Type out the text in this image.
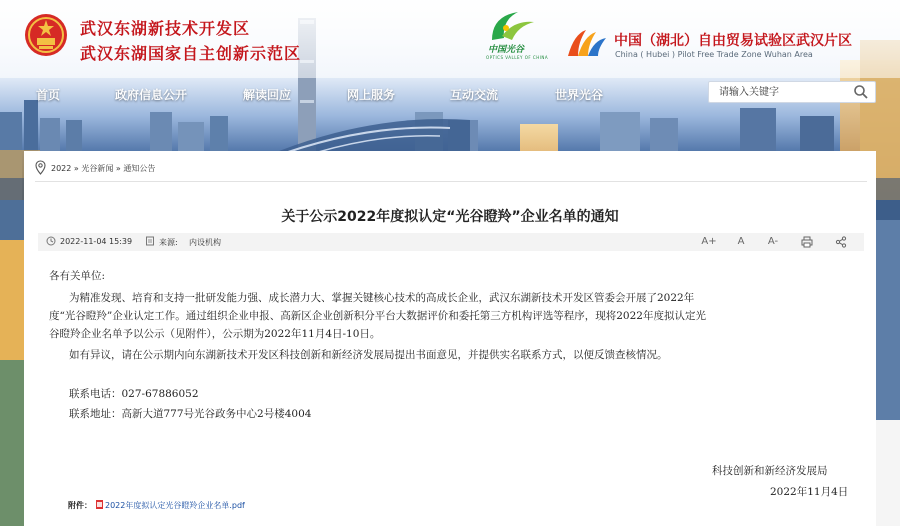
武汉东湖新技术开发区
武汉东湖国家自主创新示范区	中国光谷
OPTICS VALLEY OF CHINA
中国（湖北）自由贸易试验区武汉片区
China ( Hubei ) Pilot Free Trade Zone Wuhan Area
首页	政府信息公开	解读回应	网上服务	互动交流	世界光谷
请输入关键字
2022 » 光谷新闻 » 通知公告
关于公示2022年度拟认定“光谷瞪羚”企业名单的通知
2022-11-04 15:39	来源: 内设机构	A+	A	A-
各有关单位:
为精准发现、培育和支持一批研发能力强、成长潜力大、掌握关键核心技术的高成长企业，武汉东湖新技术开发区管委会开展了2022年
度“光谷瞪羚”企业认定工作。通过组织企业申报、高新区企业创新积分平台大数据评价和委托第三方机构评选等程序，现将2022年度拟认定光
谷瞪羚企业名单予以公示（见附件），公示期为2022年11月4日-10日。
如有异议，请在公示期内向东湖新技术开发区科技创新和新经济发展局提出书面意见，并提供实名联系方式，以便反馈查核情况。
联系电话：027-67886052
联系地址：高新大道777号光谷政务中心2号楼4004
科技创新和新经济发展局
2022年11月4日
附件： 2022年度拟认定光谷瞪羚企业名单.pdf
